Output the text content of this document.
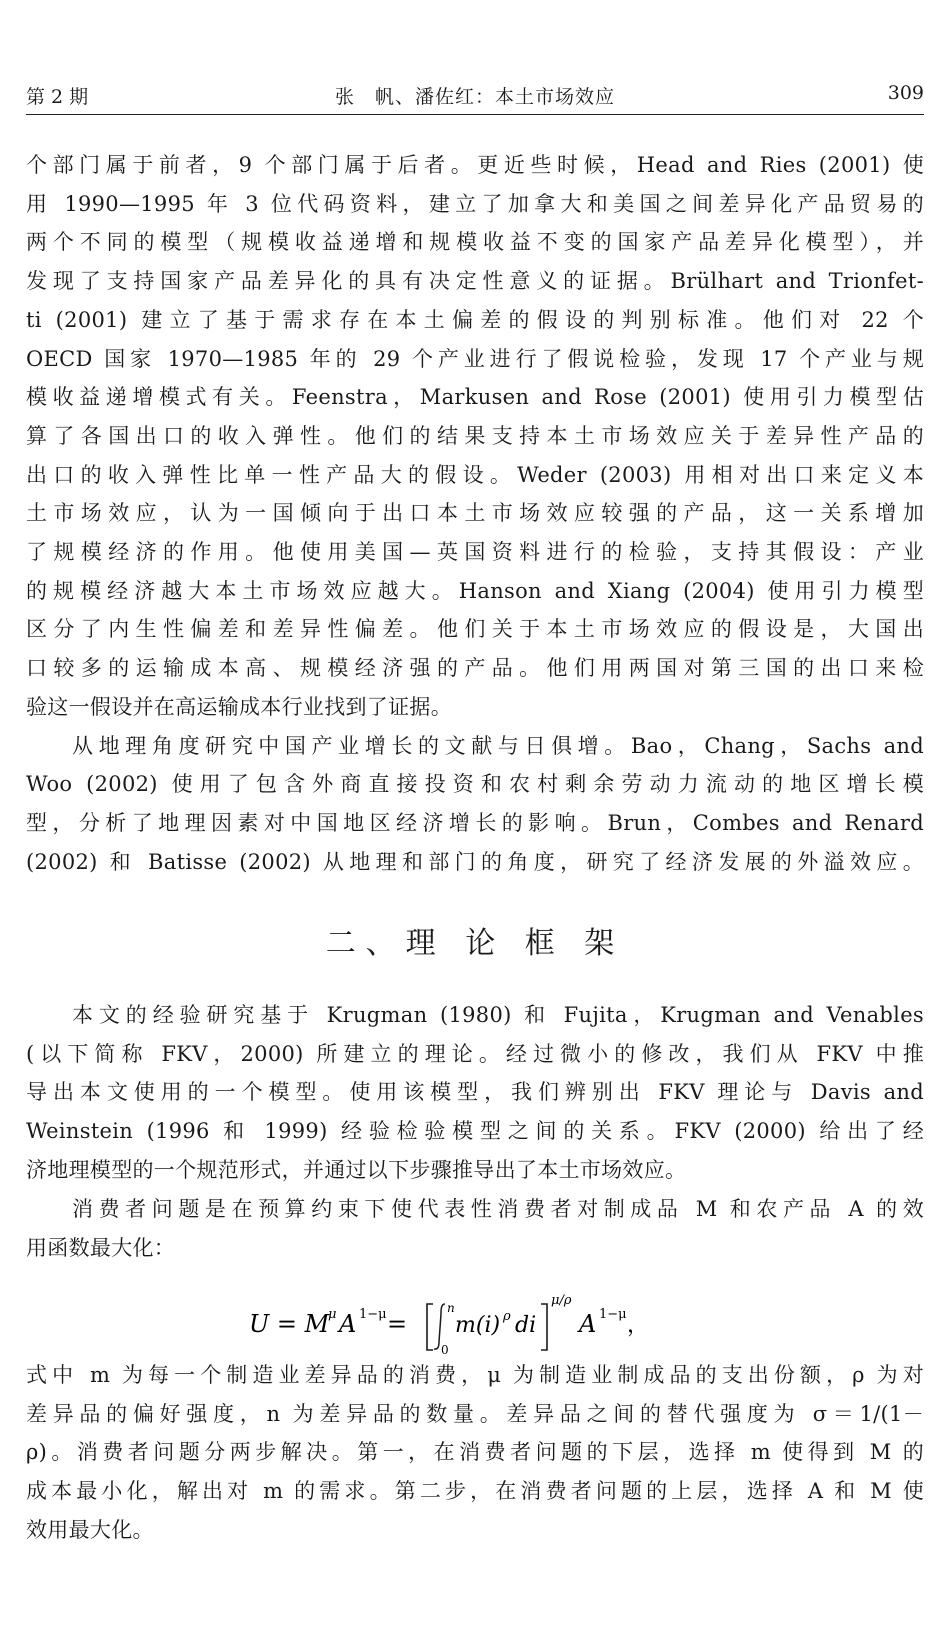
第 2 期	张　帆、潘佐红：本土市场效应	309
个部门属于前者，9 个部门属于后者。更近些时候，Head and Ries (2001) 使
用 1990—1995 年 3 位代码资料，建立了加拿大和美国之间差异化产品贸易的
两个不同的模型（规模收益递增和规模收益不变的国家产品差异化模型），并
发现了支持国家产品差异化的具有决定性意义的证据。Brülhart and Trionfet-
ti (2001) 建立了基于需求存在本土偏差的假设的判别标准。他们对 22 个
OECD 国家 1970—1985 年的 29 个产业进行了假说检验，发现 17 个产业与规
模收益递增模式有关。Feenstra，Markusen and Rose (2001) 使用引力模型估
算了各国出口的收入弹性。他们的结果支持本土市场效应关于差异性产品的
出口的收入弹性比单一性产品大的假设。Weder (2003) 用相对出口来定义本
土市场效应，认为一国倾向于出口本土市场效应较强的产品，这一关系增加
了规模经济的作用。他使用美国—英国资料进行的检验，支持其假设：产业
的规模经济越大本土市场效应越大。Hanson and Xiang (2004) 使用引力模型
区分了内生性偏差和差异性偏差。他们关于本土市场效应的假设是，大国出
口较多的运输成本高、规模经济强的产品。他们用两国对第三国的出口来检
验这一假设并在高运输成本行业找到了证据。
从地理角度研究中国产业增长的文献与日俱增。Bao，Chang，Sachs and
Woo (2002) 使用了包含外商直接投资和农村剩余劳动力流动的地区增长模
型，分析了地理因素对中国地区经济增长的影响。Brun，Combes and Renard
(2002) 和 Batisse (2002) 从地理和部门的角度，研究了经济发展的外溢效应。
二、理 论 框 架
本文的经验研究基于 Krugman (1980) 和 Fujita，Krugman and Venables
(以下简称 FKV，2000) 所建立的理论。经过微小的修改，我们从 FKV 中推
导出本文使用的一个模型。使用该模型，我们辨别出 FKV 理论与 Davis and
Weinstein (1996 和 1999) 经验检验模型之间的关系。FKV (2000) 给出了经
济地理模型的一个规范形式，并通过以下步骤推导出了本土市场效应。
消费者问题是在预算约束下使代表性消费者对制成品 M 和农产品 A 的效
用函数最大化：
U = M
μ A 1−μ =
n
0
m(i) ρ di
μ/ρ
A 1−μ ，
式中 m 为每一个制造业差异品的消费，μ 为制造业制成品的支出份额，ρ 为对
差异品的偏好强度，n 为差异品的数量。差异品之间的替代强度为 σ＝1/(1－
ρ)。消费者问题分两步解决。第一，在消费者问题的下层，选择 m 使得到 M 的
成本最小化，解出对 m 的需求。第二步，在消费者问题的上层，选择 A 和 M 使
效用最大化。
